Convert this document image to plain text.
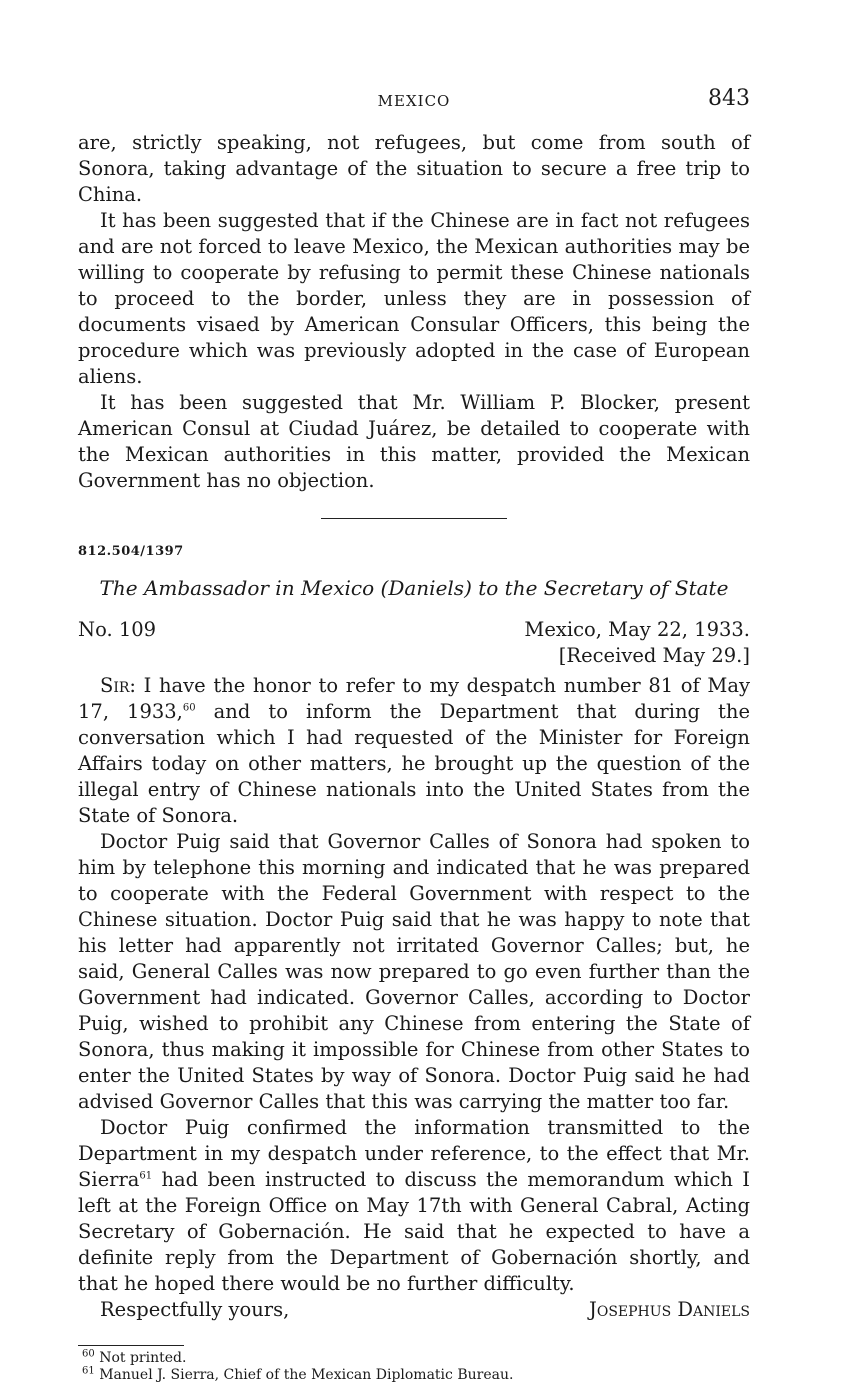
MEXICO	843

are, strictly speaking, not refugees, but come from south of Sonora, taking advantage of the situation to secure a free trip to China.

It has been suggested that if the Chinese are in fact not refugees and are not forced to leave Mexico, the Mexican authorities may be willing to cooperate by refusing to permit these Chinese nationals to proceed to the border, unless they are in possession of documents visaed by American Consular Officers, this being the procedure which was previously adopted in the case of European aliens.

It has been suggested that Mr. William P. Blocker, present American Consul at Ciudad Juárez, be detailed to cooperate with the Mexican authorities in this matter, provided the Mexican Government has no objection.

812.504/1397

The Ambassador in Mexico (Daniels) to the Secretary of State

No. 109	Mexico, May 22, 1933.
[Received May 29.]

Sir: I have the honor to refer to my despatch number 81 of May 17, 1933,60 and to inform the Department that during the conversation which I had requested of the Minister for Foreign Affairs today on other matters, he brought up the question of the illegal entry of Chinese nationals into the United States from the State of Sonora.

Doctor Puig said that Governor Calles of Sonora had spoken to him by telephone this morning and indicated that he was prepared to cooperate with the Federal Government with respect to the Chinese situation. Doctor Puig said that he was happy to note that his letter had apparently not irritated Governor Calles; but, he said, General Calles was now prepared to go even further than the Government had indicated. Governor Calles, according to Doctor Puig, wished to prohibit any Chinese from entering the State of Sonora, thus making it impossible for Chinese from other States to enter the United States by way of Sonora. Doctor Puig said he had advised Governor Calles that this was carrying the matter too far.

Doctor Puig confirmed the information transmitted to the Department in my despatch under reference, to the effect that Mr. Sierra$^{61}$ had been instructed to discuss the memorandum which I left at the Foreign Office on May 17th with General Cabral, Acting Secretary of Gobernación. He said that he expected to have a definite reply from the Department of Gobernación shortly, and that he hoped there would be no further difficulty.

Respectfully yours,	Josephus Daniels

$^{60}$ Not printed.

$^{61}$ Manuel J. Sierra, Chief of the Mexican Diplomatic Bureau.
